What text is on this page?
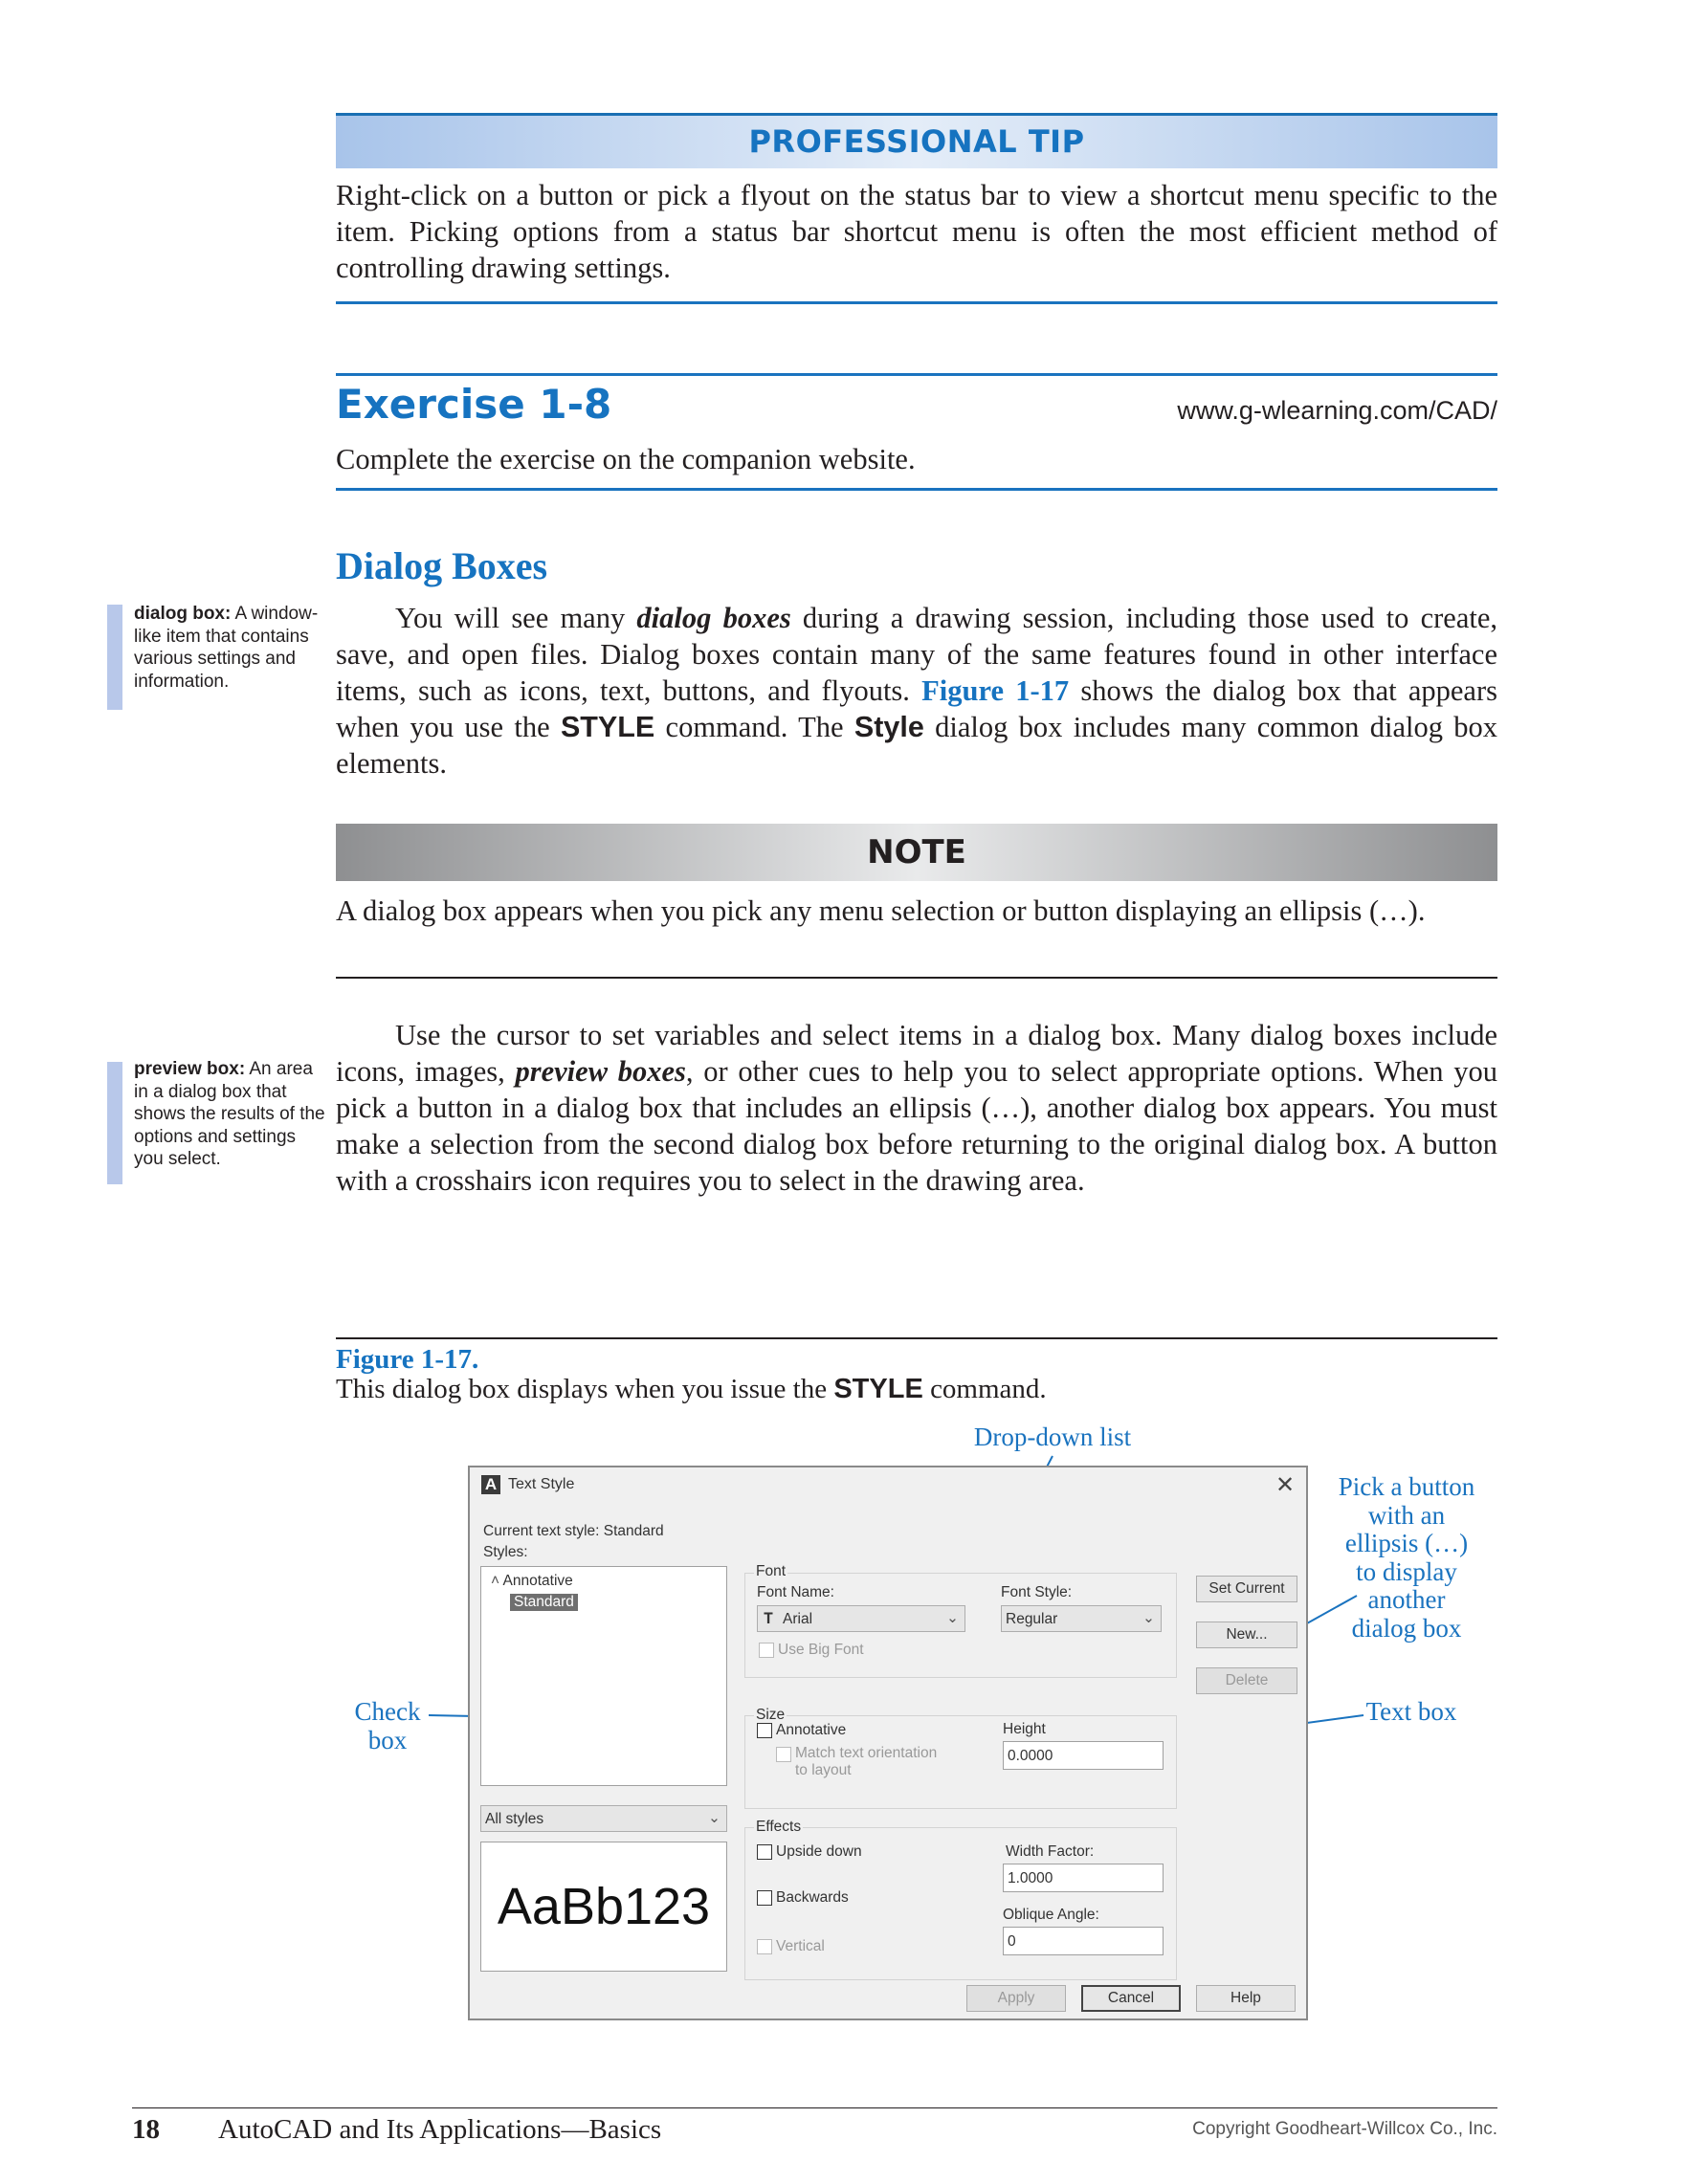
PROFESSIONAL TIP
Right-click on a button or pick a flyout on the status bar to view a shortcut menu specific to the item. Picking options from a status bar shortcut menu is often the most efficient method of controlling drawing settings.
Exercise 1-8	www.g-wlearning.com/CAD/
Complete the exercise on the companion website.
Dialog Boxes
dialog box: A window-like item that contains various settings and information.
You will see many dialog boxes during a drawing session, including those used to create, save, and open files. Dialog boxes contain many of the same features found in other interface items, such as icons, text, buttons, and flyouts. Figure 1-17 shows the dialog box that appears when you use the STYLE command. The Style dialog box includes many common dialog box elements.
NOTE
A dialog box appears when you pick any menu selection or button displaying an ellipsis (…).
preview box: An area in a dialog box that shows the results of the options and settings you select.
Use the cursor to set variables and select items in a dialog box. Many dialog boxes include icons, images, preview boxes, or other cues to help you to select appropriate options. When you pick a button in a dialog box that includes an ellipsis (…), another dialog box appears. You must make a selection from the second dialog box before returning to the original dialog box. A button with a crosshairs icon requires you to select in the drawing area.
Figure 1-17.
This dialog box displays when you issue the STYLE command.
Drop-down list
Pick a button
with an
ellipsis (…)
to display
another
dialog box
Check
box
Text box
A Text Style	✕
Current text style: Standard
Styles:
˄ Annotative
Standard
All styles	⌄
AaBb123
Font
Font Name:
𝐓 Arial	⌄
Font Style:
Regular	⌄
Use Big Font
Size
Annotative
Match text orientation
to layout
Height
0.0000
Effects
Upside down
Backwards
Vertical
Width Factor:
1.0000
Oblique Angle:
0
Set Current
New...
Delete
Apply	Cancel	Help
18 AutoCAD and Its Applications—Basics	Copyright Goodheart-Willcox Co., Inc.
